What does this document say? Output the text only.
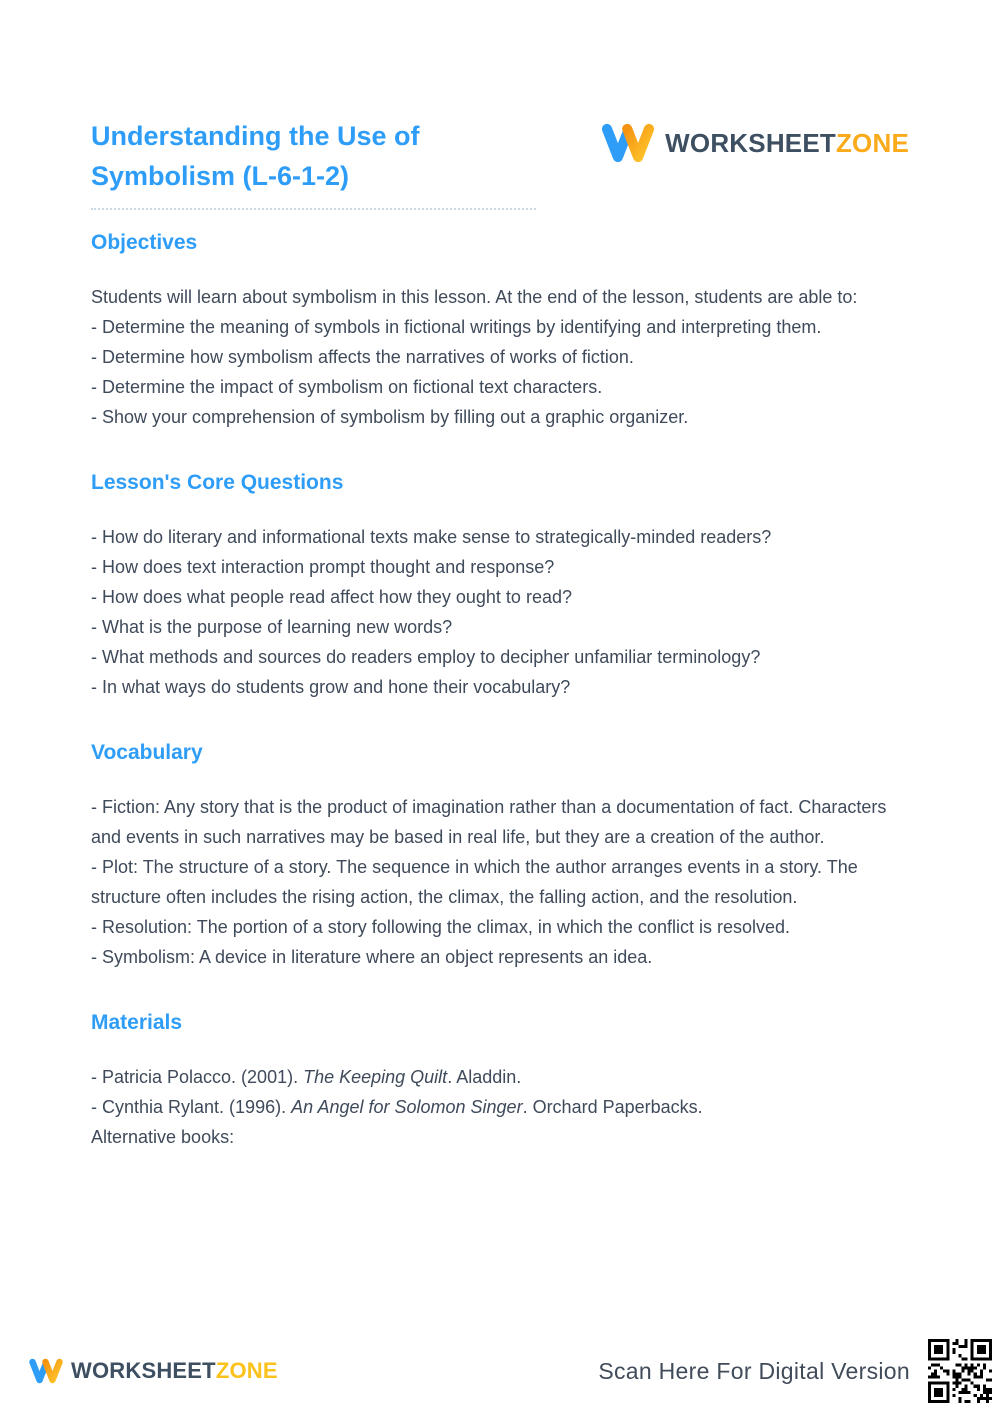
Understanding the Use of
Symbolism (L-6-1-2)
WORKSHEETZONE
Objectives

Students will learn about symbolism in this lesson. At the end of the lesson, students are able to:

- Determine the meaning of symbols in fictional writings by identifying and interpreting them.

- Determine how symbolism affects the narratives of works of fiction.

- Determine the impact of symbolism on fictional text characters.

- Show your comprehension of symbolism by filling out a graphic organizer.

Lesson's Core Questions

- How do literary and informational texts make sense to strategically-minded readers?

- How does text interaction prompt thought and response?

- How does what people read affect how they ought to read?

- What is the purpose of learning new words?

- What methods and sources do readers employ to decipher unfamiliar terminology?

- In what ways do students grow and hone their vocabulary?

Vocabulary

- Fiction: Any story that is the product of imagination rather than a documentation of fact. Characters and events in such narratives may be based in real life, but they are a creation of the author.

- Plot: The structure of a story. The sequence in which the author arranges events in a story. The structure often includes the rising action, the climax, the falling action, and the resolution.

- Resolution: The portion of a story following the climax, in which the conflict is resolved.

- Symbolism: A device in literature where an object represents an idea.

Materials

- Patricia Polacco. (2001). The Keeping Quilt. Aladdin.

- Cynthia Rylant. (1996). An Angel for Solomon Singer. Orchard Paperbacks.

Alternative books:

WORKSHEETZONE	Scan Here For Digital Version
